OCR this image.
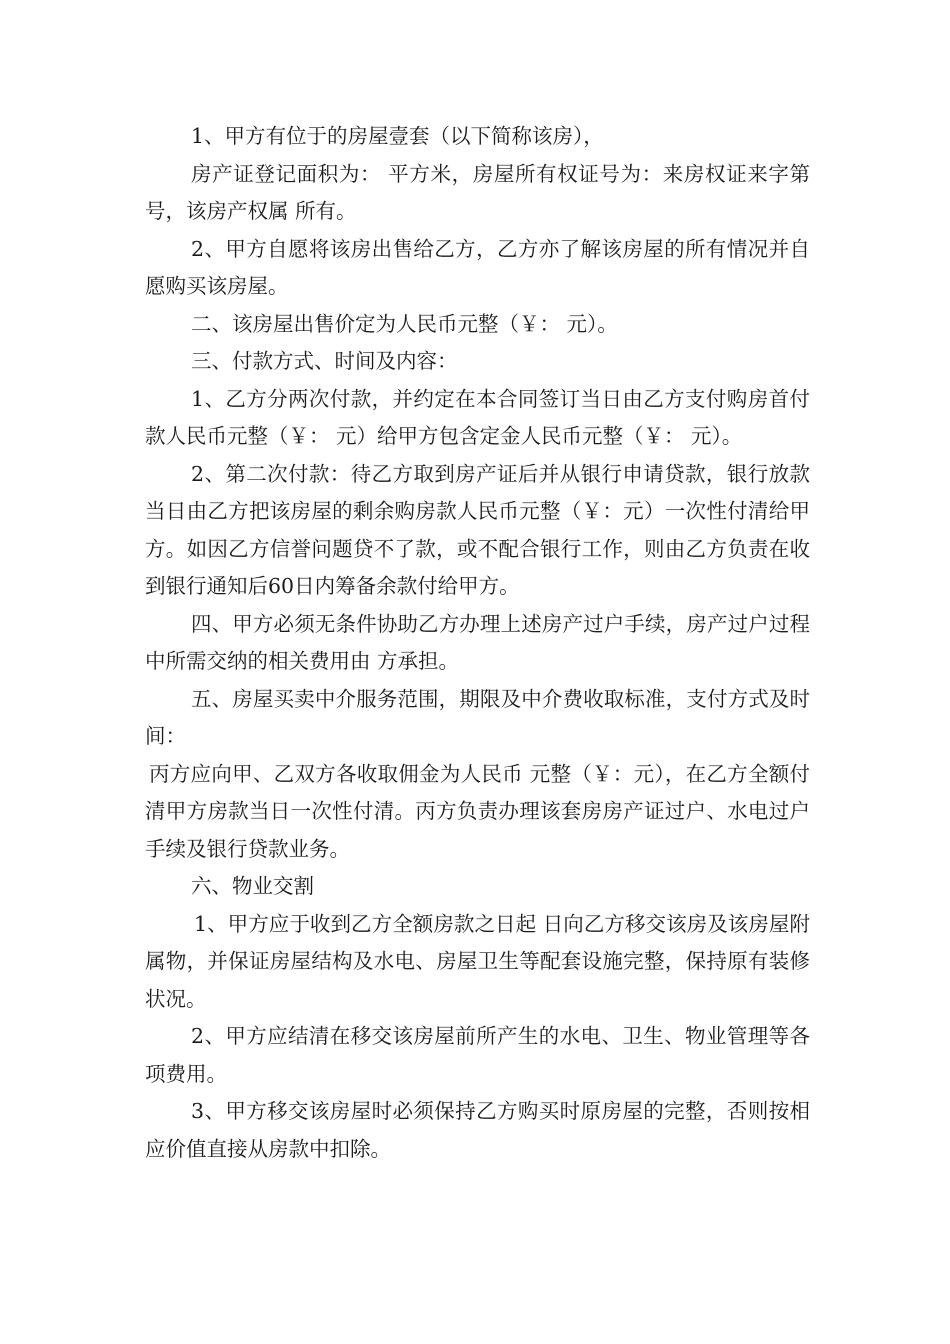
1、甲方有位于的房屋壹套（以下简称该房），

房产证登记面积为： 平方米，房屋所有权证号为：来房权证来字第 号，该房产权属 所有。

2、甲方自愿将该房出售给乙方，乙方亦了解该房屋的所有情况并自愿购买该房屋。

二、该房屋出售价定为人民币元整（￥： 元）。

三、付款方式、时间及内容：

1、乙方分两次付款，并约定在本合同签订当日由乙方支付购房首付款人民币元整（￥： 元）给甲方包含定金人民币元整（￥： 元）。

2、第二次付款：待乙方取到房产证后并从银行申请贷款，银行放款当日由乙方把该房屋的剩余购房款人民币元整（￥：元）一次性付清给甲方。如因乙方信誉问题贷不了款，或不配合银行工作，则由乙方负责在收到银行通知后60日内筹备余款付给甲方。

四、甲方必须无条件协助乙方办理上述房产过户手续，房产过户过程中所需交纳的相关费用由 方承担。

五、房屋买卖中介服务范围，期限及中介费收取标准，支付方式及时间：

丙方应向甲、乙双方各收取佣金为人民币 元整（￥：元），在乙方全额付清甲方房款当日一次性付清。丙方负责办理该套房房产证过户、水电过户手续及银行贷款业务。

六、物业交割

1、甲方应于收到乙方全额房款之日起 日向乙方移交该房及该房屋附属物，并保证房屋结构及水电、房屋卫生等配套设施完整，保持原有装修状况。

2、甲方应结清在移交该房屋前所产生的水电、卫生、物业管理等各项费用。

3、甲方移交该房屋时必须保持乙方购买时原房屋的完整，否则按相应价值直接从房款中扣除。
